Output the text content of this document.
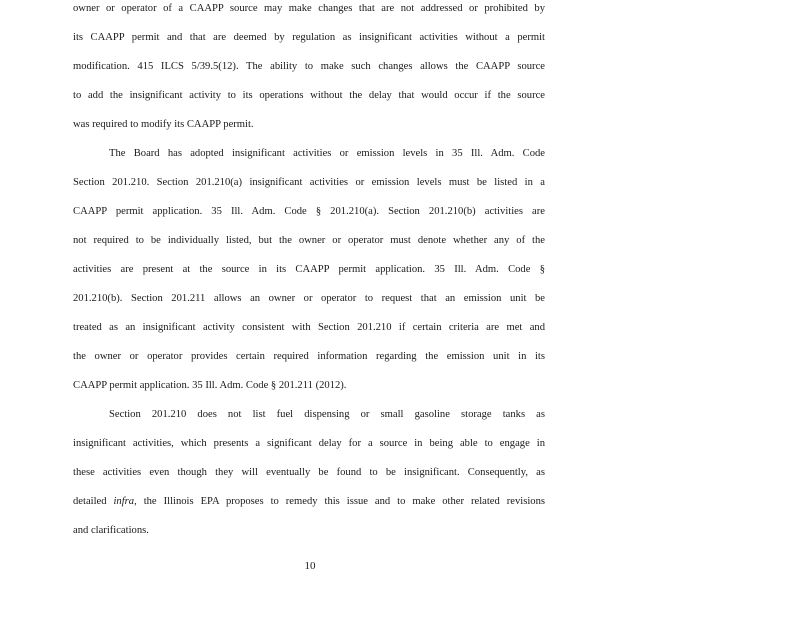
owner or operator of a CAAPP source may make changes that are not addressed or prohibited by
its CAAPP permit and that are deemed by regulation as insignificant activities without a permit
modification. 415 ILCS 5/39.5(12). The ability to make such changes allows the CAAPP source
to add the insignificant activity to its operations without the delay that would occur if the source
was required to modify its CAAPP permit.
The Board has adopted insignificant activities or emission levels in 35 Ill. Adm. Code
Section 201.210. Section 201.210(a) insignificant activities or emission levels must be listed in a
CAAPP permit application. 35 Ill. Adm. Code § 201.210(a). Section 201.210(b) activities are
not required to be individually listed, but the owner or operator must denote whether any of the
activities are present at the source in its CAAPP permit application. 35 Ill. Adm. Code §
201.210(b). Section 201.211 allows an owner or operator to request that an emission unit be
treated as an insignificant activity consistent with Section 201.210 if certain criteria are met and
the owner or operator provides certain required information regarding the emission unit in its
CAAPP permit application. 35 Ill. Adm. Code § 201.211 (2012).
Section 201.210 does not list fuel dispensing or small gasoline storage tanks as
insignificant activities, which presents a significant delay for a source in being able to engage in
these activities even though they will eventually be found to be insignificant. Consequently, as
detailed infra, the Illinois EPA proposes to remedy this issue and to make other related revisions
and clarifications.
10
